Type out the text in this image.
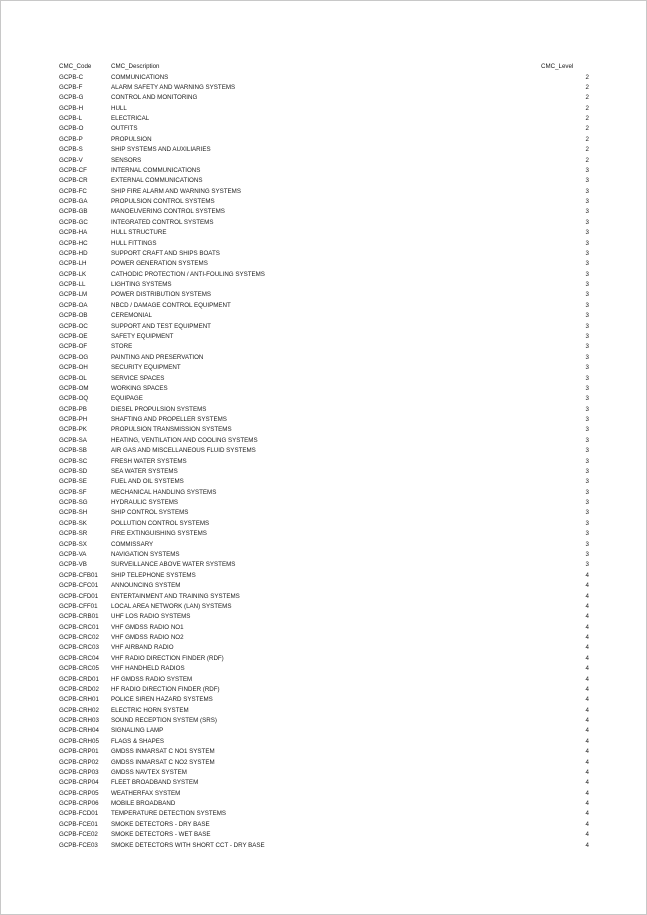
CMC_Code	CMC_Description	CMC_Level
GCPB-C	COMMUNICATIONS	2
GCPB-F	ALARM SAFETY AND WARNING SYSTEMS	2
GCPB-G	CONTROL AND MONITORING	2
GCPB-H	HULL	2
GCPB-L	ELECTRICAL	2
GCPB-O	OUTFITS	2
GCPB-P	PROPULSION	2
GCPB-S	SHIP SYSTEMS AND AUXILIARIES	2
GCPB-V	SENSORS	2
GCPB-CF	INTERNAL COMMUNICATIONS	3
GCPB-CR	EXTERNAL COMMUNICATIONS	3
GCPB-FC	SHIP FIRE ALARM AND WARNING SYSTEMS	3
GCPB-GA	PROPULSION CONTROL SYSTEMS	3
GCPB-GB	MANOEUVERING CONTROL SYSTEMS	3
GCPB-GC	INTEGRATED CONTROL SYSTEMS	3
GCPB-HA	HULL STRUCTURE	3
GCPB-HC	HULL FITTINGS	3
GCPB-HD	SUPPORT CRAFT AND SHIPS BOATS	3
GCPB-LH	POWER GENERATION SYSTEMS	3
GCPB-LK	CATHODIC PROTECTION / ANTI-FOULING SYSTEMS	3
GCPB-LL	LIGHTING SYSTEMS	3
GCPB-LM	POWER DISTRIBUTION SYSTEMS	3
GCPB-OA	NBCD / DAMAGE CONTROL EQUIPMENT	3
GCPB-OB	CEREMONIAL	3
GCPB-OC	SUPPORT AND TEST EQUIPMENT	3
GCPB-OE	SAFETY EQUIPMENT	3
GCPB-OF	STORE	3
GCPB-OG	PAINTING AND PRESERVATION	3
GCPB-OH	SECURITY EQUIPMENT	3
GCPB-OL	SERVICE SPACES	3
GCPB-OM	WORKING SPACES	3
GCPB-OQ	EQUIPAGE	3
GCPB-PB	DIESEL PROPULSION SYSTEMS	3
GCPB-PH	SHAFTING AND PROPELLER SYSTEMS	3
GCPB-PK	PROPULSION TRANSMISSION SYSTEMS	3
GCPB-SA	HEATING, VENTILATION AND COOLING SYSTEMS	3
GCPB-SB	AIR GAS AND MISCELLANEOUS FLUID SYSTEMS	3
GCPB-SC	FRESH WATER SYSTEMS	3
GCPB-SD	SEA WATER SYSTEMS	3
GCPB-SE	FUEL AND OIL SYSTEMS	3
GCPB-SF	MECHANICAL HANDLING SYSTEMS	3
GCPB-SG	HYDRAULIC SYSTEMS	3
GCPB-SH	SHIP CONTROL SYSTEMS	3
GCPB-SK	POLLUTION CONTROL SYSTEMS	3
GCPB-SR	FIRE EXTINGUISHING SYSTEMS	3
GCPB-SX	COMMISSARY	3
GCPB-VA	NAVIGATION SYSTEMS	3
GCPB-VB	SURVEILLANCE ABOVE WATER SYSTEMS	3
GCPB-CFB01 SHIP TELEPHONE SYSTEMS	4
GCPB-CFC01 ANNOUNCING SYSTEM	4
GCPB-CFD01 ENTERTAINMENT AND TRAINING SYSTEMS	4
GCPB-CFF01 LOCAL AREA NETWORK (LAN) SYSTEMS	4
GCPB-CRB01 UHF LOS RADIO SYSTEMS	4
GCPB-CRC01 VHF GMDSS RADIO NO1	4
GCPB-CRC02 VHF GMDSS RADIO NO2	4
GCPB-CRC03 VHF AIRBAND RADIO	4
GCPB-CRC04 VHF RADIO DIRECTION FINDER (RDF)	4
GCPB-CRC05 VHF HANDHELD RADIOS	4
GCPB-CRD01 HF GMDSS RADIO SYSTEM	4
GCPB-CRD02 HF RADIO DIRECTION FINDER (RDF)	4
GCPB-CRH01 POLICE SIREN HAZARD SYSTEMS	4
GCPB-CRH02 ELECTRIC HORN SYSTEM	4
GCPB-CRH03 SOUND RECEPTION SYSTEM (SRS)	4
GCPB-CRH04 SIGNALING LAMP	4
GCPB-CRH05 FLAGS & SHAPES	4
GCPB-CRP01 GMDSS INMARSAT C NO1 SYSTEM	4
GCPB-CRP02 GMDSS INMARSAT C NO2 SYSTEM	4
GCPB-CRP03 GMDSS NAVTEX SYSTEM	4
GCPB-CRP04 FLEET BROADBAND SYSTEM	4
GCPB-CRP05 WEATHERFAX SYSTEM	4
GCPB-CRP06 MOBILE BROADBAND	4
GCPB-FCD01 TEMPERATURE DETECTION SYSTEMS	4
GCPB-FCE01 SMOKE DETECTORS - DRY BASE	4
GCPB-FCE02 SMOKE DETECTORS - WET BASE	4
GCPB-FCE03 SMOKE DETECTORS WITH SHORT CCT - DRY BASE	4
